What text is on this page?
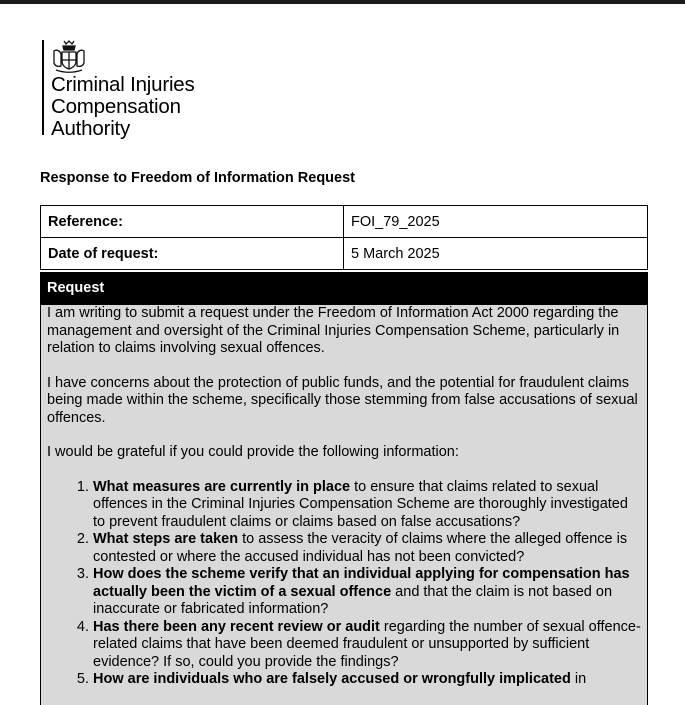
Criminal Injuries
Compensation
Authority
Response to Freedom of Information Request
Reference:	FOI_79_2025
Date of request:	5 March 2025
Request

I am writing to submit a request under the Freedom of Information Act 2000 regarding the management and oversight of the Criminal Injuries Compensation Scheme, particularly in relation to claims involving sexual offences.

I have concerns about the protection of public funds, and the potential for fraudulent claims being made within the scheme, specifically those stemming from false accusations of sexual offences.

I would be grateful if you could provide the following information:

1. What measures are currently in place to ensure that claims related to sexual offences in the Criminal Injuries Compensation Scheme are thoroughly investigated to prevent fraudulent claims or claims based on false accusations?
2. What steps are taken to assess the veracity of claims where the alleged offence is contested or where the accused individual has not been convicted?
3. How does the scheme verify that an individual applying for compensation has actually been the victim of a sexual offence and that the claim is not based on inaccurate or fabricated information?
4. Has there been any recent review or audit regarding the number of sexual offence-related claims that have been deemed fraudulent or unsupported by sufficient evidence? If so, could you provide the findings?
5. How are individuals who are falsely accused or wrongfully implicated in
